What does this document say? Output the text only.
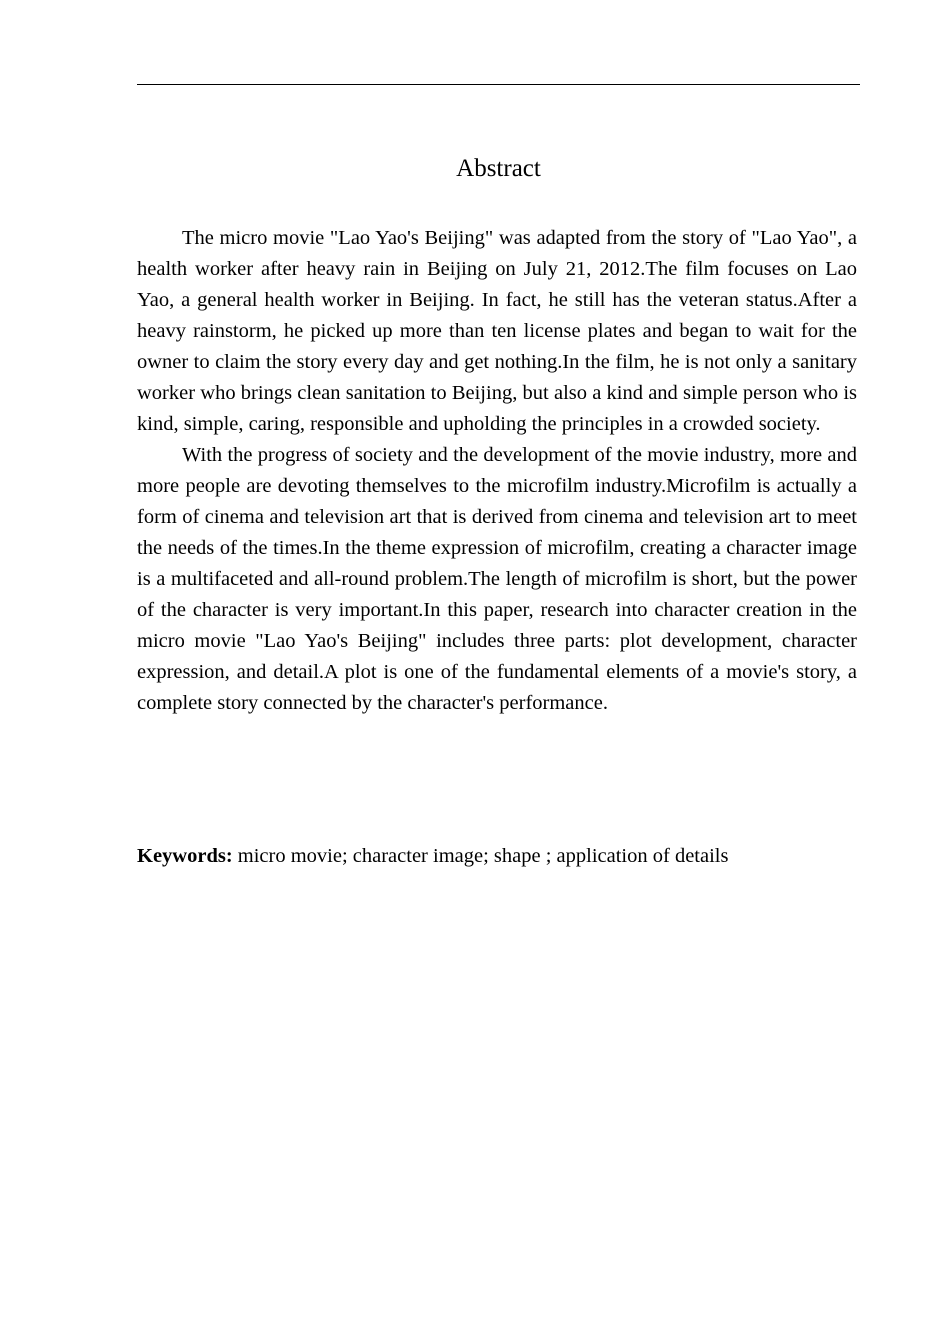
Abstract

The micro movie "Lao Yao's Beijing" was adapted from the story of "Lao Yao", a health worker after heavy rain in Beijing on July 21, 2012.The film focuses on Lao Yao, a general health worker in Beijing. In fact, he still has the veteran status.After a heavy rainstorm, he picked up more than ten license plates and began to wait for the owner to claim the story every day and get nothing.In the film, he is not only a sanitary worker who brings clean sanitation to Beijing, but also a kind and simple person who is kind, simple, caring, responsible and upholding the principles in a crowded society.

With the progress of society and the development of the movie industry, more and more people are devoting themselves to the microfilm industry.Microfilm is actually a form of cinema and television art that is derived from cinema and television art to meet the needs of the times.In the theme expression of microfilm, creating a character image is a multifaceted and all-round problem.The length of microfilm is short, but the power of the character is very important.In this paper, research into character creation in the micro movie "Lao Yao's Beijing" includes three parts: plot development, character expression, and detail.A plot is one of the fundamental elements of a movie's story, a complete story connected by the character's performance.

Keywords: micro movie; character image; shape ; application of details
